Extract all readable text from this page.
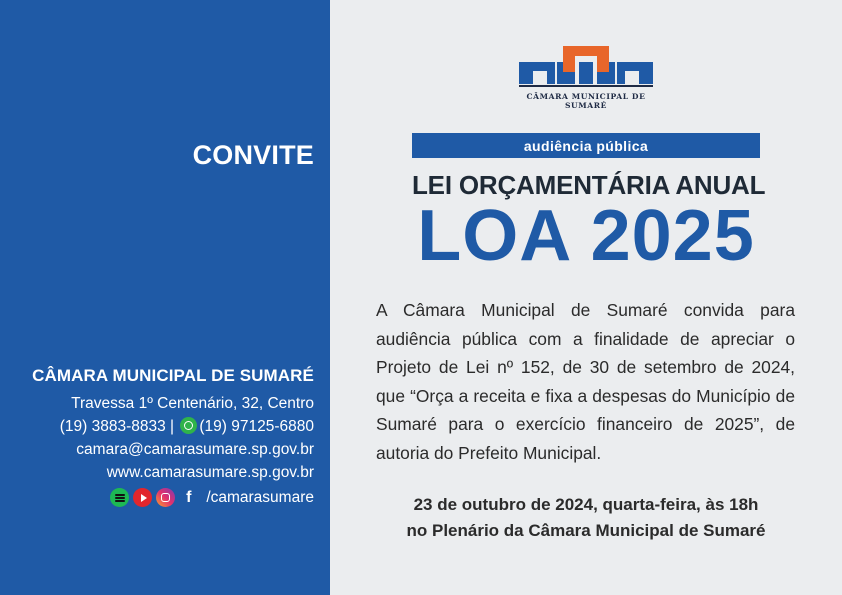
CONVITE
CÂMARA MUNICIPAL DE SUMARÉ
Travessa 1º Centenário, 32, Centro
(19) 3883-8833 | (19) 97125-6880
camara@camarasumare.sp.gov.br
www.camarasumare.sp.gov.br
f /camarasumare
CÂMARA MUNICIPAL DE SUMARÉ
audiência pública
LEI ORÇAMENTÁRIA ANUAL
LOA 2025
A Câmara Municipal de Sumaré convida para audiência pública com a finalidade de apreciar o Projeto de Lei nº 152, de 30 de setembro de 2024, que “Orça a receita e fixa a despesas do Município de Sumaré para o exercício financeiro de 2025”, de autoria do Prefeito Municipal.
23 de outubro de 2024, quarta-feira, às 18h
no Plenário da Câmara Municipal de Sumaré
